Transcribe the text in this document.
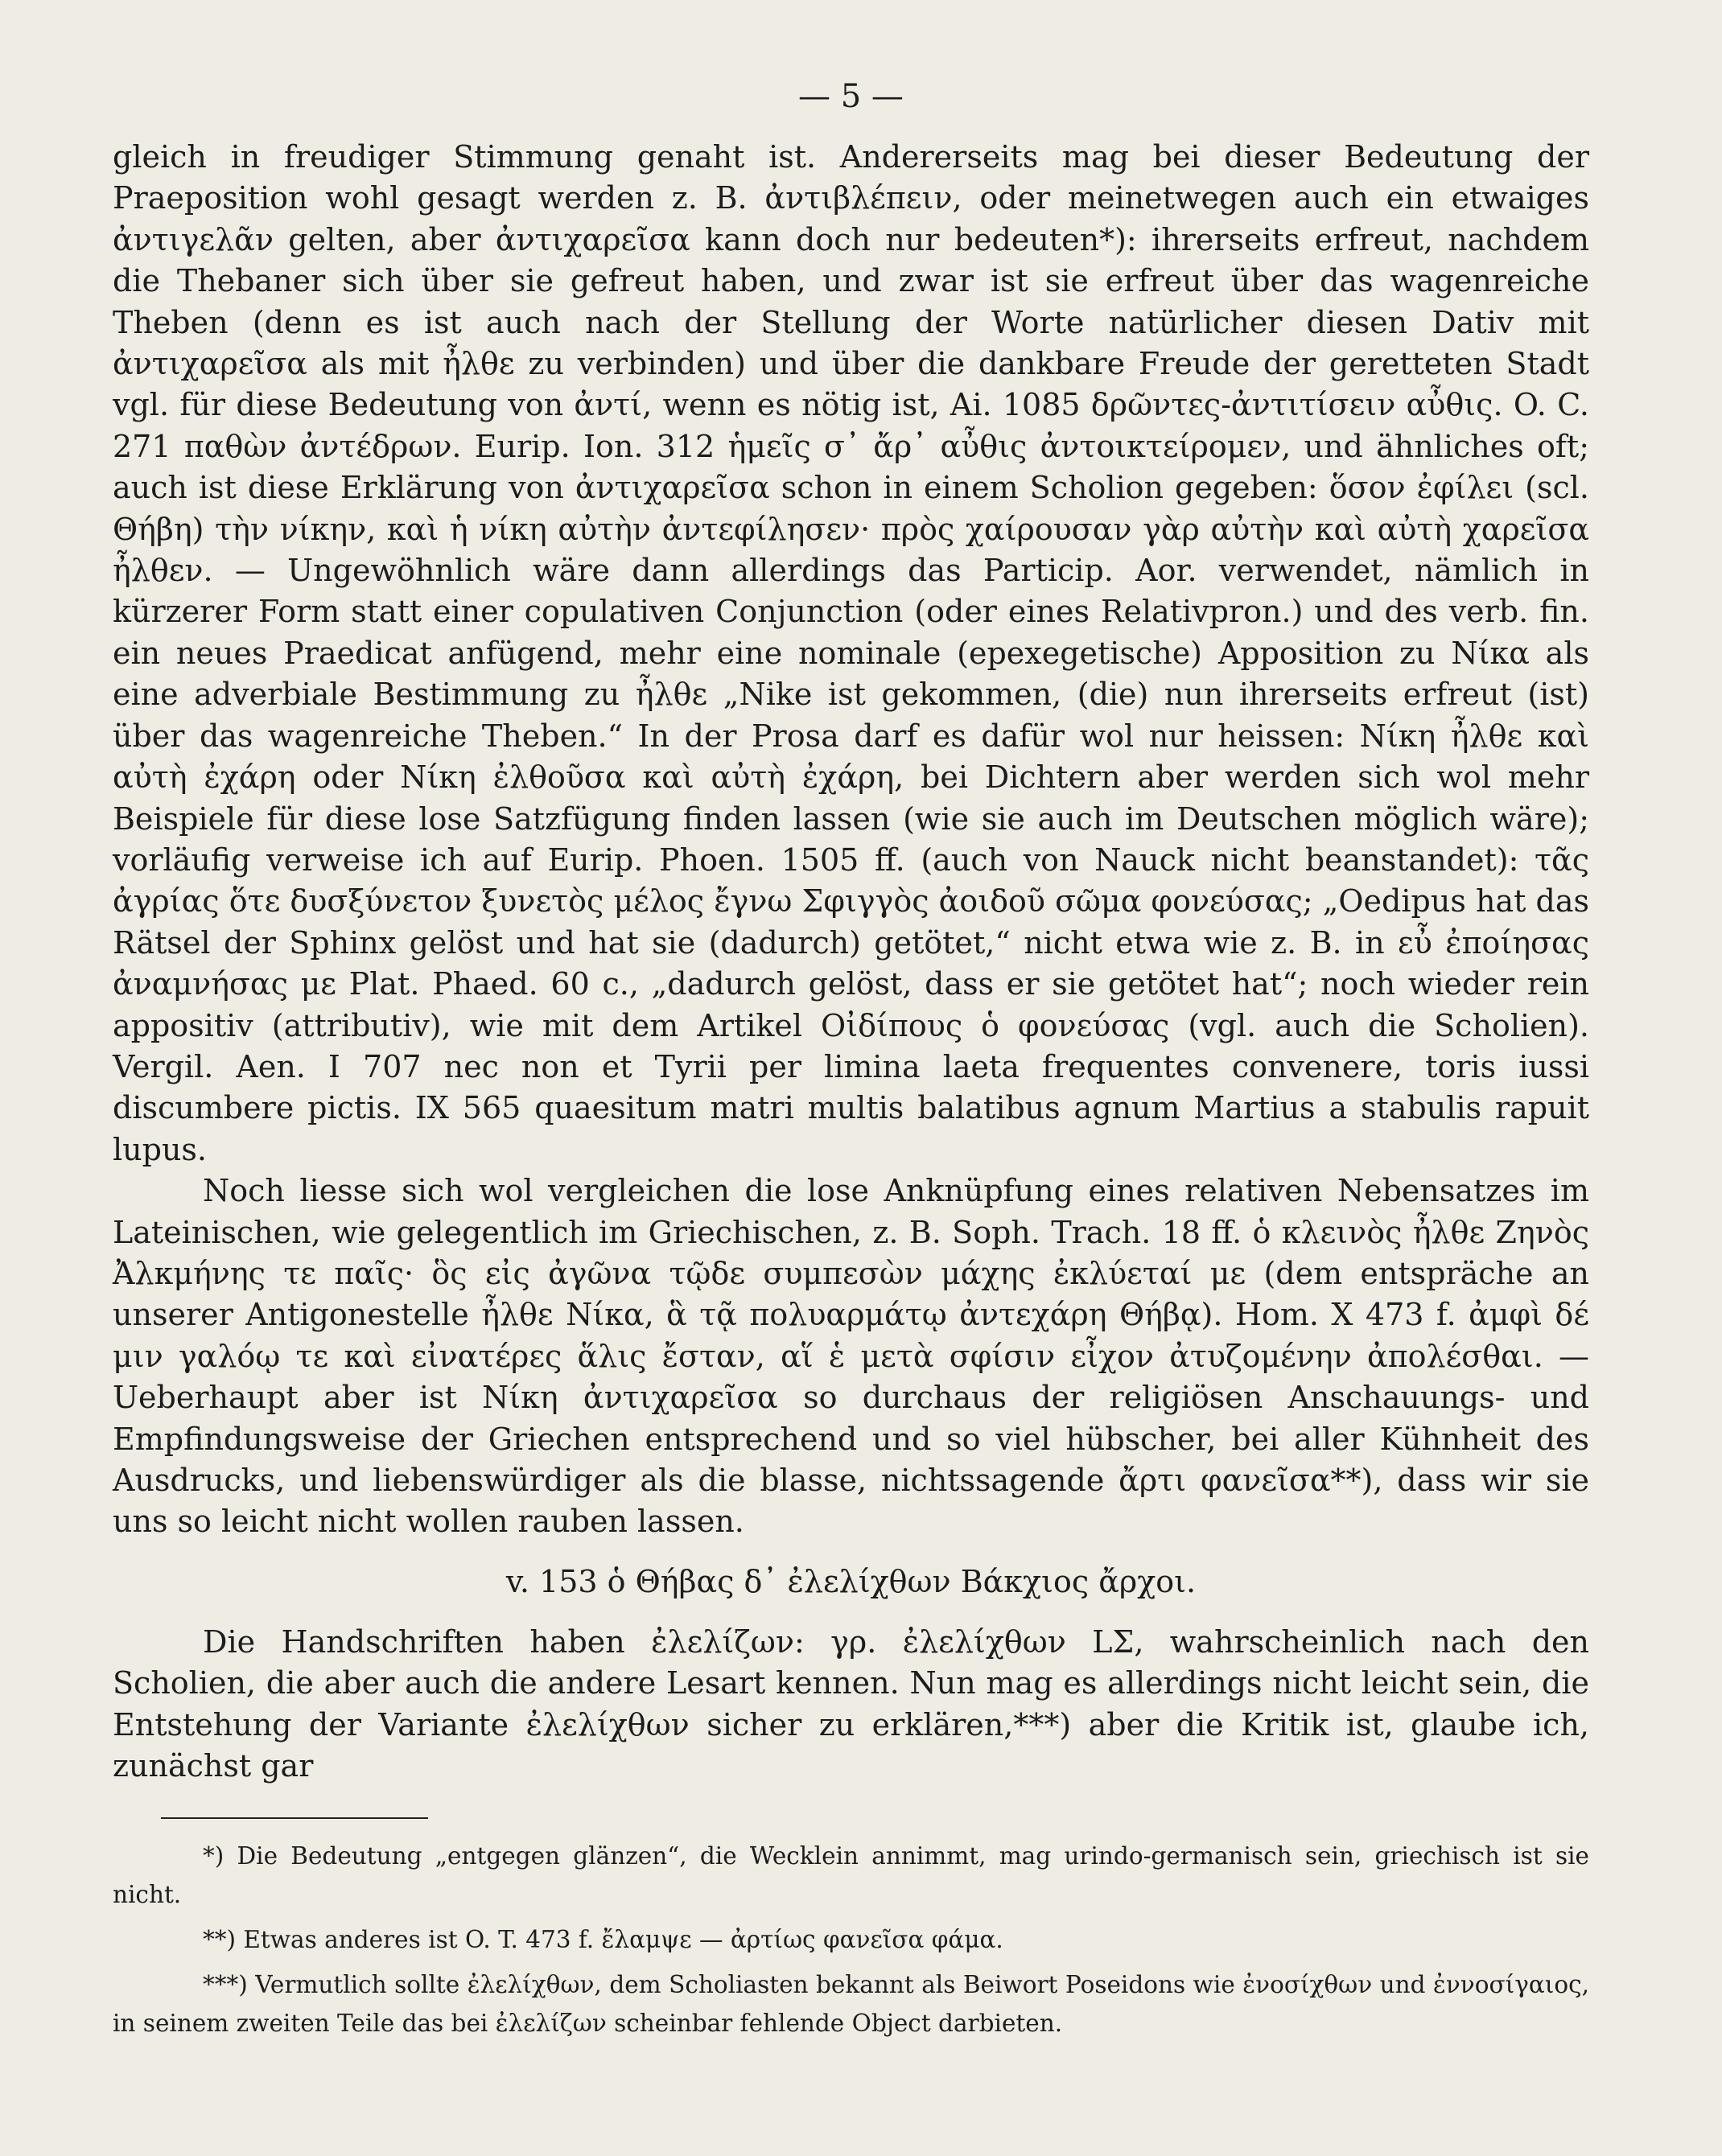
— 5 —

gleich in freudiger Stimmung genaht ist. Andererseits mag bei dieser Bedeutung der Praeposition wohl gesagt werden z. B. ἀντιβλέπειν, oder meinetwegen auch ein etwaiges ἀντιγελᾶν gelten, aber ἀντιχαρεῖσα kann doch nur bedeuten*): ihrerseits erfreut, nachdem die Thebaner sich über sie gefreut haben, und zwar ist sie erfreut über das wagenreiche Theben (denn es ist auch nach der Stellung der Worte natürlicher diesen Dativ mit ἀντιχαρεῖσα als mit ἦλθε zu verbinden) und über die dankbare Freude der geretteten Stadt vgl. für diese Bedeutung von ἀντί, wenn es nötig ist, Ai. 1085 δρῶντες-ἀντιτίσειν αὖθις. O. C. 271 παθὼν ἀντέδρων. Eurip. Ion. 312 ἡμεῖς σ᾽ ἄρ᾽ αὖθις ἀντοικτείρομεν, und ähnliches oft; auch ist diese Erklärung von ἀντιχαρεῖσα schon in einem Scholion gegeben: ὅσον ἐφίλει (scl. Θήβη) τὴν νίκην, καὶ ἡ νίκη αὐτὴν ἀντεφίλησεν· πρὸς χαίρουσαν γὰρ αὐτὴν καὶ αὐτὴ χαρεῖσα ἦλθεν. — Ungewöhnlich wäre dann allerdings das Particip. Aor. verwendet, nämlich in kürzerer Form statt einer copulativen Conjunction (oder eines Relativpron.) und des verb. fin. ein neues Praedicat anfügend, mehr eine nominale (epexegetische) Apposition zu Νίκα als eine adverbiale Bestimmung zu ἦλθε „Nike ist gekommen, (die) nun ihrerseits erfreut (ist) über das wagenreiche Theben.“ In der Prosa darf es dafür wol nur heissen: Νίκη ἦλθε καὶ αὐτὴ ἐχάρη oder Νίκη ἐλθοῦσα καὶ αὐτὴ ἐχάρη, bei Dichtern aber werden sich wol mehr Beispiele für diese lose Satzfügung finden lassen (wie sie auch im Deutschen möglich wäre); vorläufig verweise ich auf Eurip. Phoen. 1505 ff. (auch von Nauck nicht beanstandet): τᾶς ἀγρίας ὅτε δυσξύνετον ξυνετὸς μέλος ἔγνω Σφιγγὸς ἀοιδοῦ σῶμα φονεύσας; „Oedipus hat das Rätsel der Sphinx gelöst und hat sie (dadurch) getötet,“ nicht etwa wie z. B. in εὖ ἐποίησας ἀναμνήσας με Plat. Phaed. 60 c., „dadurch gelöst, dass er sie getötet hat“; noch wieder rein appositiv (attributiv), wie mit dem Artikel Οἰδίπους ὁ φονεύσας (vgl. auch die Scholien). Vergil. Aen. I 707 nec non et Tyrii per limina laeta frequentes convenere, toris iussi discumbere pictis. IX 565 quaesitum matri multis balatibus agnum Martius a stabulis rapuit lupus.

Noch liesse sich wol vergleichen die lose Anknüpfung eines relativen Nebensatzes im Lateinischen, wie gelegentlich im Griechischen, z. B. Soph. Trach. 18 ff. ὁ κλεινὸς ἦλθε Ζηνὸς Ἀλκμήνης τε παῖς· ὃς εἰς ἀγῶνα τῷδε συμπεσὼν μάχης ἐκλύεταί με (dem entspräche an unserer Antigonestelle ἦλθε Νίκα, ἃ τᾷ πολυαρμάτῳ ἀντεχάρη Θήβᾳ). Hom. Χ 473 f. ἀμφὶ δέ μιν γαλόῳ τε καὶ εἰνατέρες ἅλις ἔσταν, αἵ ἑ μετὰ σφίσιν εἶχον ἀτυζομένην ἀπολέσθαι. — Ueberhaupt aber ist Νίκη ἀντιχαρεῖσα so durchaus der religiösen Anschauungs- und Empfindungsweise der Griechen entsprechend und so viel hübscher, bei aller Kühnheit des Ausdrucks, und liebenswürdiger als die blasse, nichtssagende ἄρτι φανεῖσα**), dass wir sie uns so leicht nicht wollen rauben lassen.

v. 153 ὁ Θήβας δ᾽ ἐλελίχθων Βάκχιος ἄρχοι.

Die Handschriften haben ἐλελίζων: γρ. ἐλελίχθων LΣ, wahrscheinlich nach den Scholien, die aber auch die andere Lesart kennen. Nun mag es allerdings nicht leicht sein, die Entstehung der Variante ἐλελίχθων sicher zu erklären,***) aber die Kritik ist, glaube ich, zunächst gar

*) Die Bedeutung „entgegen glänzen“, die Wecklein annimmt, mag urindo-germanisch sein, griechisch ist sie nicht.

**) Etwas anderes ist O. T. 473 f. ἔλαμψε — ἀρτίως φανεῖσα φάμα.

***) Vermutlich sollte ἐλελίχθων, dem Scholiasten bekannt als Beiwort Poseidons wie ἐνοσίχθων und ἐννοσίγαιος, in seinem zweiten Teile das bei ἐλελίζων scheinbar fehlende Object darbieten.
